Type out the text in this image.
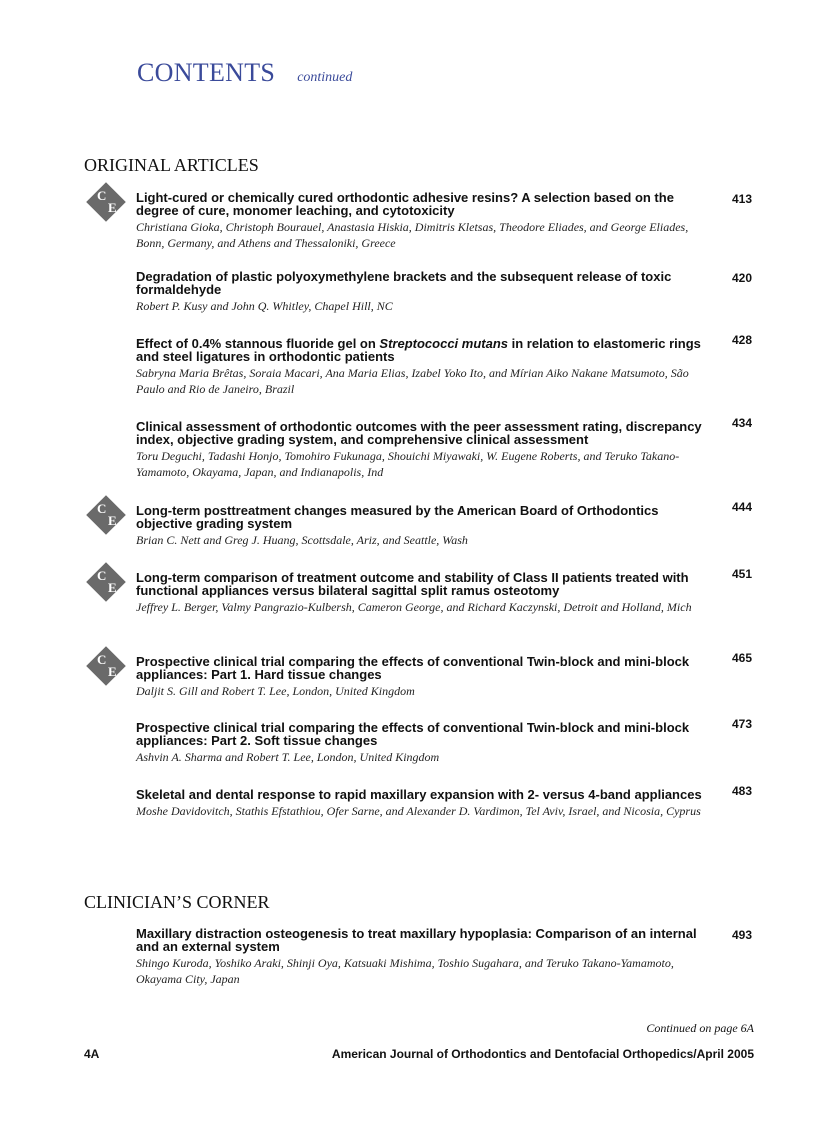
CONTENTS continued
ORIGINAL ARTICLES
C
E
Light-cured or chemically cured orthodontic adhesive resins? A selection based on the degree of cure, monomer leaching, and cytotoxicity
Christiana Gioka, Christoph Bourauel, Anastasia Hiskia, Dimitris Kletsas, Theodore Eliades, and George Eliades, Bonn, Germany, and Athens and Thessaloniki, Greece
413
Degradation of plastic polyoxymethylene brackets and the subsequent release of toxic formaldehyde
Robert P. Kusy and John Q. Whitley, Chapel Hill, NC
420
Effect of 0.4% stannous fluoride gel on Streptococci mutans in relation to elastomeric rings and steel ligatures in orthodontic patients
Sabryna Maria Brêtas, Soraia Macari, Ana Maria Elias, Izabel Yoko Ito, and Mírian Aiko Nakane Matsumoto, São Paulo and Rio de Janeiro, Brazil
428
Clinical assessment of orthodontic outcomes with the peer assessment rating, discrepancy index, objective grading system, and comprehensive clinical assessment
Toru Deguchi, Tadashi Honjo, Tomohiro Fukunaga, Shouichi Miyawaki, W. Eugene Roberts, and Teruko Takano-Yamamoto, Okayama, Japan, and Indianapolis, Ind
434
C
E
Long-term posttreatment changes measured by the American Board of Orthodontics objective grading system
Brian C. Nett and Greg J. Huang, Scottsdale, Ariz, and Seattle, Wash
444
C
E
Long-term comparison of treatment outcome and stability of Class II patients treated with functional appliances versus bilateral sagittal split ramus osteotomy
Jeffrey L. Berger, Valmy Pangrazio-Kulbersh, Cameron George, and Richard Kaczynski, Detroit and Holland, Mich
451
C
E
Prospective clinical trial comparing the effects of conventional Twin-block and mini-block appliances: Part 1. Hard tissue changes
Daljit S. Gill and Robert T. Lee, London, United Kingdom
465
Prospective clinical trial comparing the effects of conventional Twin-block and mini-block appliances: Part 2. Soft tissue changes
Ashvin A. Sharma and Robert T. Lee, London, United Kingdom
473
Skeletal and dental response to rapid maxillary expansion with 2- versus 4-band appliances
Moshe Davidovitch, Stathis Efstathiou, Ofer Sarne, and Alexander D. Vardimon, Tel Aviv, Israel, and Nicosia, Cyprus
483
CLINICIAN’S CORNER
Maxillary distraction osteogenesis to treat maxillary hypoplasia: Comparison of an internal and an external system
Shingo Kuroda, Yoshiko Araki, Shinji Oya, Katsuaki Mishima, Toshio Sugahara, and Teruko Takano-Yamamoto, Okayama City, Japan
493
Continued on page 6A
4A	American Journal of Orthodontics and Dentofacial Orthopedics/April 2005
